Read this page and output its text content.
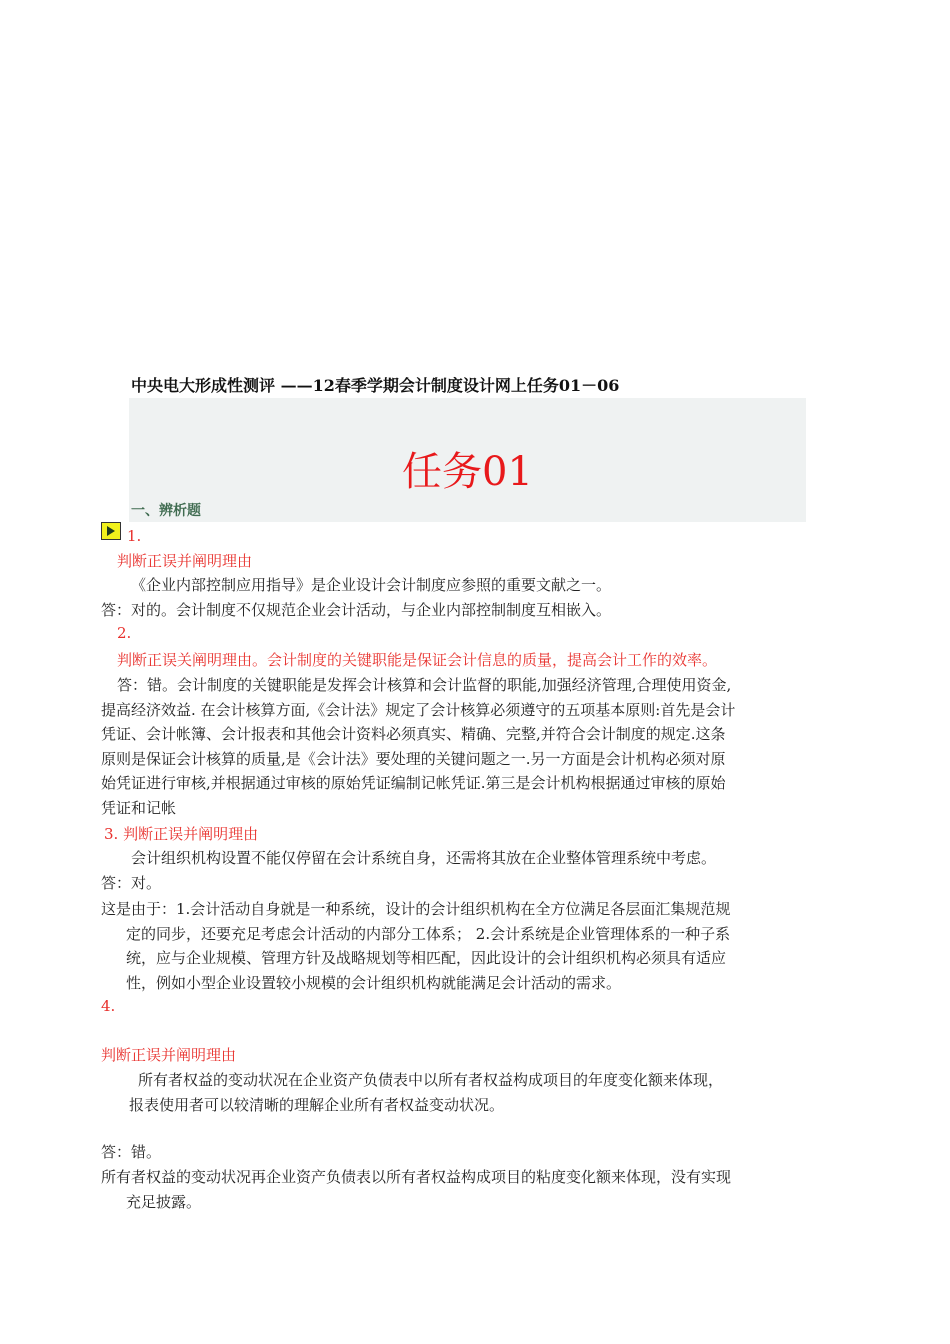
中央电大形成性测评 ——12春季学期会计制度设计网上任务01－06
任务01
一、辨析题
1.
判断正误并阐明理由
《企业内部控制应用指导》是企业设计会计制度应参照的重要文献之一。
答：对的。会计制度不仅规范企业会计活动，与企业内部控制制度互相嵌入。
2.
判断正误关阐明理由。会计制度的关键职能是保证会计信息的质量，提高会计工作的效率。
答：错。会计制度的关键职能是发挥会计核算和会计监督的职能,加强经济管理,合理使用资金,
提高经济效益. 在会计核算方面,《会计法》规定了会计核算必须遵守的五项基本原则:首先是会计
凭证、会计帐簿、会计报表和其他会计资料必须真实、精确、完整,并符合会计制度的规定.这条
原则是保证会计核算的质量,是《会计法》要处理的关键问题之一.另一方面是会计机构必须对原
始凭证进行审核,并根据通过审核的原始凭证编制记帐凭证.第三是会计机构根据通过审核的原始
凭证和记帐
3. 判断正误并阐明理由
会计组织机构设置不能仅停留在会计系统自身，还需将其放在企业整体管理系统中考虑。
答：对。
这是由于：1.会计活动自身就是一种系统，设计的会计组织机构在全方位满足各层面汇集规范规
定的同步，还要充足考虑会计活动的内部分工体系； 2.会计系统是企业管理体系的一种子系
统，应与企业规模、管理方针及战略规划等相匹配，因此设计的会计组织机构必须具有适应
性，例如小型企业设置较小规模的会计组织机构就能满足会计活动的需求。
4.
判断正误并阐明理由
所有者权益的变动状况在企业资产负债表中以所有者权益构成项目的年度变化额来体现，
报表使用者可以较清晰的理解企业所有者权益变动状况。
答：错。
所有者权益的变动状况再企业资产负债表以所有者权益构成项目的粘度变化额来体现，没有实现
充足披露。
